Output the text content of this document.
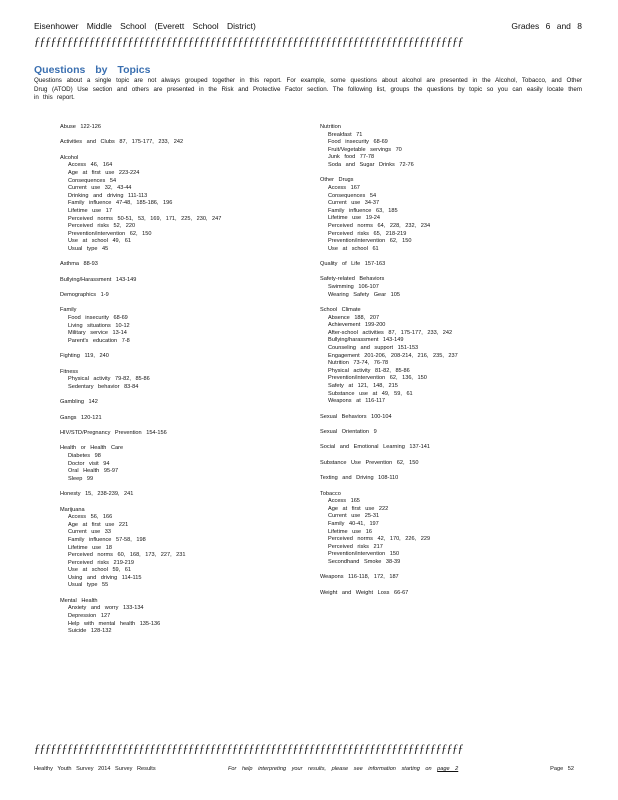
Eisenhower Middle School (Everett School District)	Grades 6 and 8
ƒƒƒƒƒƒƒƒƒƒƒƒƒƒƒƒƒƒƒƒƒƒƒƒƒƒƒƒƒƒƒƒƒƒƒƒƒƒƒƒƒƒƒƒƒƒƒƒƒƒƒƒƒƒƒƒƒƒƒƒƒƒƒƒƒƒƒƒƒƒƒƒƒƒƒƒƒƒ
Questions by Topics
Questions about a single topic are not always grouped together in this report. For example, some questions about alcohol are presented in the Alcohol, Tobacco, and Other Drug (ATOD) Use section and others are presented in the Risk and Protective Factor section. The following list, groups the questions by topic so you can easily locate them in this report.
Abuse 122-126
Activities and Clubs 87, 175-177, 233, 242
Alcohol
Access 46, 164
Age at first use 223-224
Consequences 54
Current use 32, 43-44
Drinking and driving 111-113
Family influence 47-48, 185-186, 196
Lifetime use 17
Perceived norms 50-51, 53, 169, 171, 225, 230, 247
Perceived risks 52, 220
Prevention/intervention 62, 150
Use at school 49, 61
Usual type 45
Asthma 88-93
Bullying/Harassment 143-149
Demographics 1-9
Family
Food insecurity 68-69
Living situations 10-12
Military service 13-14
Parent's education 7-8
Fighting 119, 240
Fitness
Physical activity 79-82, 85-86
Sedentary behavior 83-84
Gambling 142
Gangs 120-121
HIV/STD/Pregnancy Prevention 154-156
Health or Health Care
Diabetes 98
Doctor visit 94
Oral Health 95-97
Sleep 99
Honesty 15, 238-239, 241
Marijuana
Access 56, 166
Age at first use 221
Current use 33
Family influence 57-58, 198
Lifetime use 18
Perceived norms 60, 168, 173, 227, 231
Perceived risks 219-219
Use at school 59, 61
Using and driving 114-115
Usual type 55
Mental Health
Anxiety and worry 133-134
Depression 127
Help with mental health 135-136
Suicide 128-132
Nutrition
Breakfast 71
Food insecurity 68-69
Fruit/Vegetable servings 70
Junk food 77-78
Soda and Sugar Drinks 72-76
Other Drugs
Access 167
Consequences 54
Current use 34-37
Family influence 63, 185
Lifetime use 19-24
Perceived norms 64, 228, 232, 234
Perceived risks 65, 218-219
Prevention/intervention 62, 150
Use at school 61
Quality of Life 157-163
Safety-related Behaviors
Swimming 106-107
Wearing Safety Gear 105
School Climate
Absence 188, 207
Achievement 199-200
After-school activities 87, 175-177, 233, 242
Bullying/harassment 143-149
Counseling and support 151-153
Engagement 201-206, 208-214, 216, 235, 237
Nutrition 73-74, 76-78
Physical activity 81-82, 85-86
Prevention/intervention 62, 136, 150
Safety at 121, 148, 215
Substance use at 49, 59, 61
Weapons at 116-117
Sexual Behaviors 100-104
Sexual Orientation 9
Social and Emotional Learning 137-141
Substance Use Prevention 62, 150
Texting and Driving 108-110
Tobacco
Access 165
Age at first use 222
Current use 25-31
Family 40-41, 197
Lifetime use 16
Perceived norms 42, 170, 226, 229
Perceived risks 217
Prevention/intervention 150
Secondhand Smoke 38-39
Weapons 116-118, 172, 187
Weight and Weight Loss 66-67
ƒƒƒƒƒƒƒƒƒƒƒƒƒƒƒƒƒƒƒƒƒƒƒƒƒƒƒƒƒƒƒƒƒƒƒƒƒƒƒƒƒƒƒƒƒƒƒƒƒƒƒƒƒƒƒƒƒƒƒƒƒƒƒƒƒƒƒƒƒƒƒƒƒƒƒƒƒƒ
Healthy Youth Survey 2014 Survey Results	For help interpreting your results, please see information starting on page 2	Page 52
